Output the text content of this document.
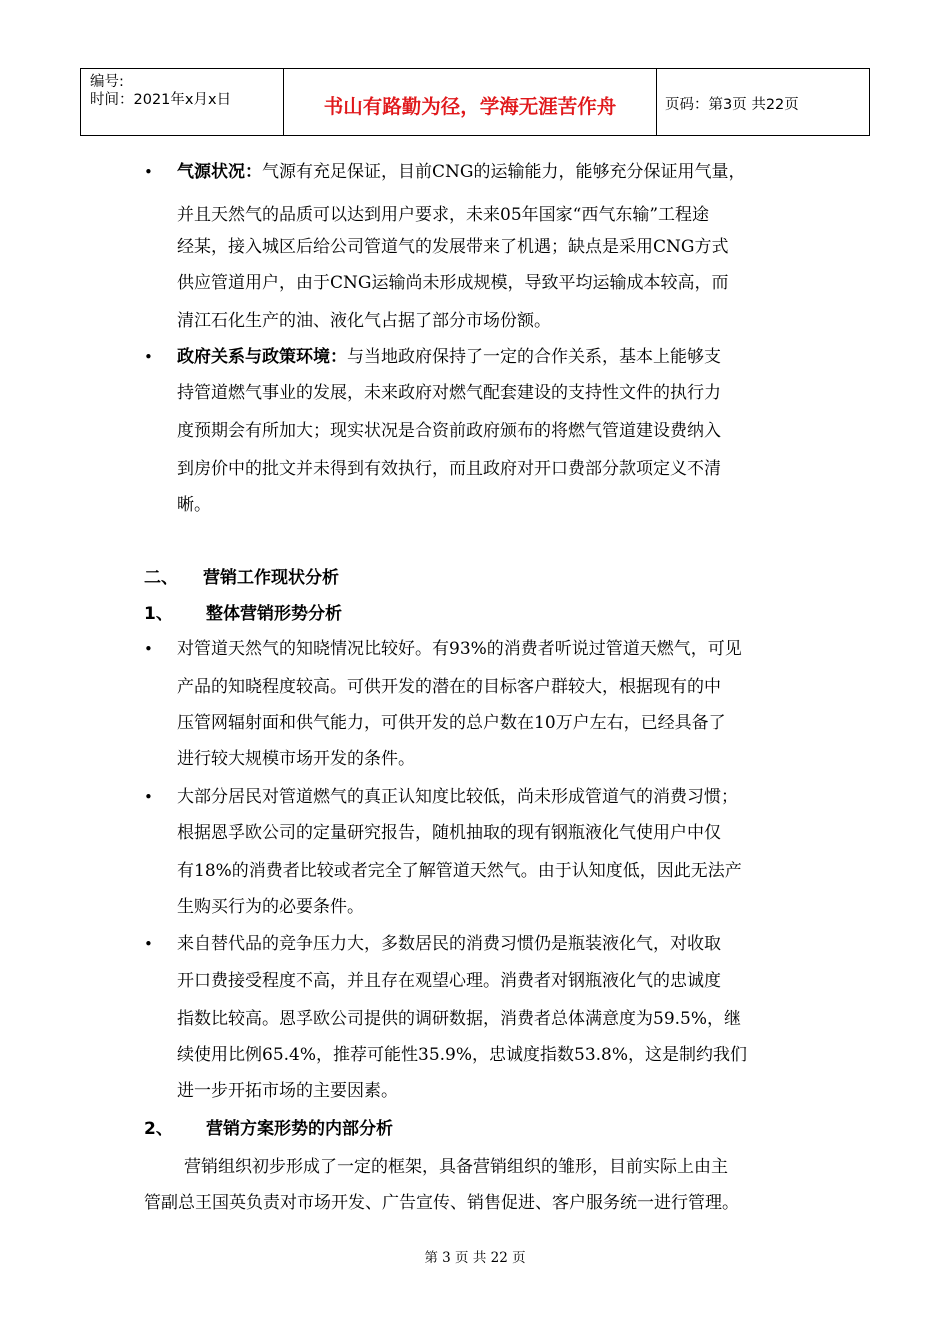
编号:
时间：2021年x月x日	书山有路勤为径，学海无涯苦作舟	页码：第3页 共22页
• 气源状况：气源有充足保证，目前CNG的运输能力，能够充分保证用气量，
并且天然气的品质可以达到用户要求，未来05年国家“西气东输”工程途
经某，接入城区后给公司管道气的发展带来了机遇；缺点是采用CNG方式
供应管道用户，由于CNG运输尚未形成规模，导致平均运输成本较高，而
清江石化生产的油、液化气占据了部分市场份额。
• 政府关系与政策环境：与当地政府保持了一定的合作关系，基本上能够支
持管道燃气事业的发展，未来政府对燃气配套建设的支持性文件的执行力
度预期会有所加大；现实状况是合资前政府颁布的将燃气管道建设费纳入
到房价中的批文并未得到有效执行，而且政府对开口费部分款项定义不清
晰。
二、 营销工作现状分析
1、 整体营销形势分析
• 对管道天然气的知晓情况比较好。有93%的消费者听说过管道天燃气，可见
产品的知晓程度较高。可供开发的潜在的目标客户群较大，根据现有的中
压管网辐射面和供气能力，可供开发的总户数在10万户左右，已经具备了
进行较大规模市场开发的条件。
• 大部分居民对管道燃气的真正认知度比较低，尚未形成管道气的消费习惯；
根据恩孚欧公司的定量研究报告，随机抽取的现有钢瓶液化气使用户中仅
有18%的消费者比较或者完全了解管道天然气。由于认知度低，因此无法产
生购买行为的必要条件。
• 来自替代品的竞争压力大，多数居民的消费习惯仍是瓶装液化气，对收取
开口费接受程度不高，并且存在观望心理。消费者对钢瓶液化气的忠诚度
指数比较高。恩孚欧公司提供的调研数据，消费者总体满意度为59.5%，继
续使用比例65.4%，推荐可能性35.9%，忠诚度指数53.8%，这是制约我们
进一步开拓市场的主要因素。
2、 营销方案形势的内部分析
营销组织初步形成了一定的框架，具备营销组织的雏形，目前实际上由主
管副总王国英负责对市场开发、广告宣传、销售促进、客户服务统一进行管理。
第 3 页 共 22 页
